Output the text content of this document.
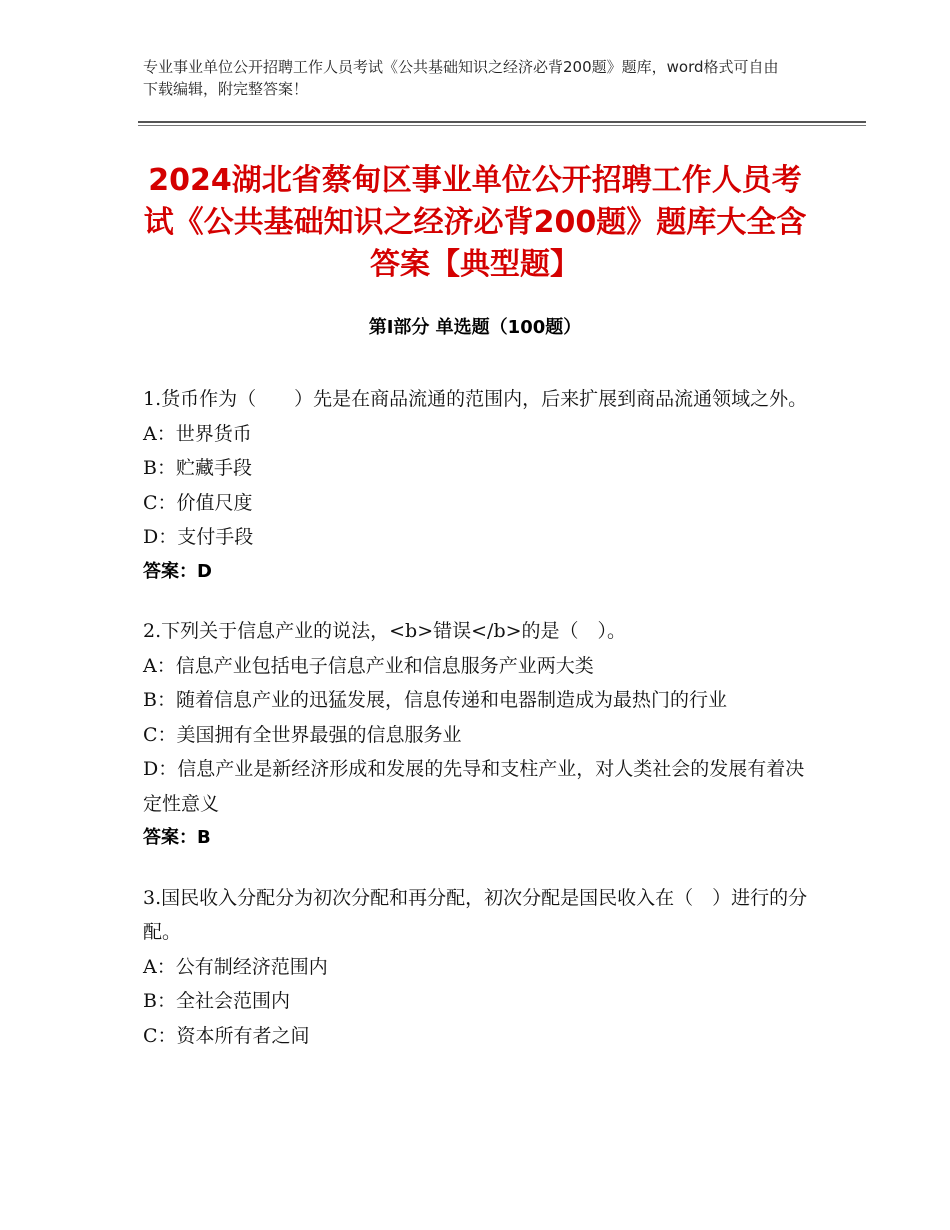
专业事业单位公开招聘工作人员考试《公共基础知识之经济必背200题》题库，word格式可自由下载编辑，附完整答案！
2024湖北省蔡甸区事业单位公开招聘工作人员考试《公共基础知识之经济必背200题》题库大全含答案【典型题】
第Ⅰ部分 单选题（100题）
1.货币作为（　　）先是在商品流通的范围内，后来扩展到商品流通领域之外。
A：世界货币
B：贮藏手段
C：价值尺度
D：支付手段
答案：D
2.下列关于信息产业的说法，<b>错误</b>的是（　）。
A：信息产业包括电子信息产业和信息服务产业两大类
B：随着信息产业的迅猛发展，信息传递和电器制造成为最热门的行业
C：美国拥有全世界最强的信息服务业
D：信息产业是新经济形成和发展的先导和支柱产业，对人类社会的发展有着决定性意义
答案：B
3.国民收入分配分为初次分配和再分配，初次分配是国民收入在（　）进行的分配。
A：公有制经济范围内
B：全社会范围内
C：资本所有者之间
